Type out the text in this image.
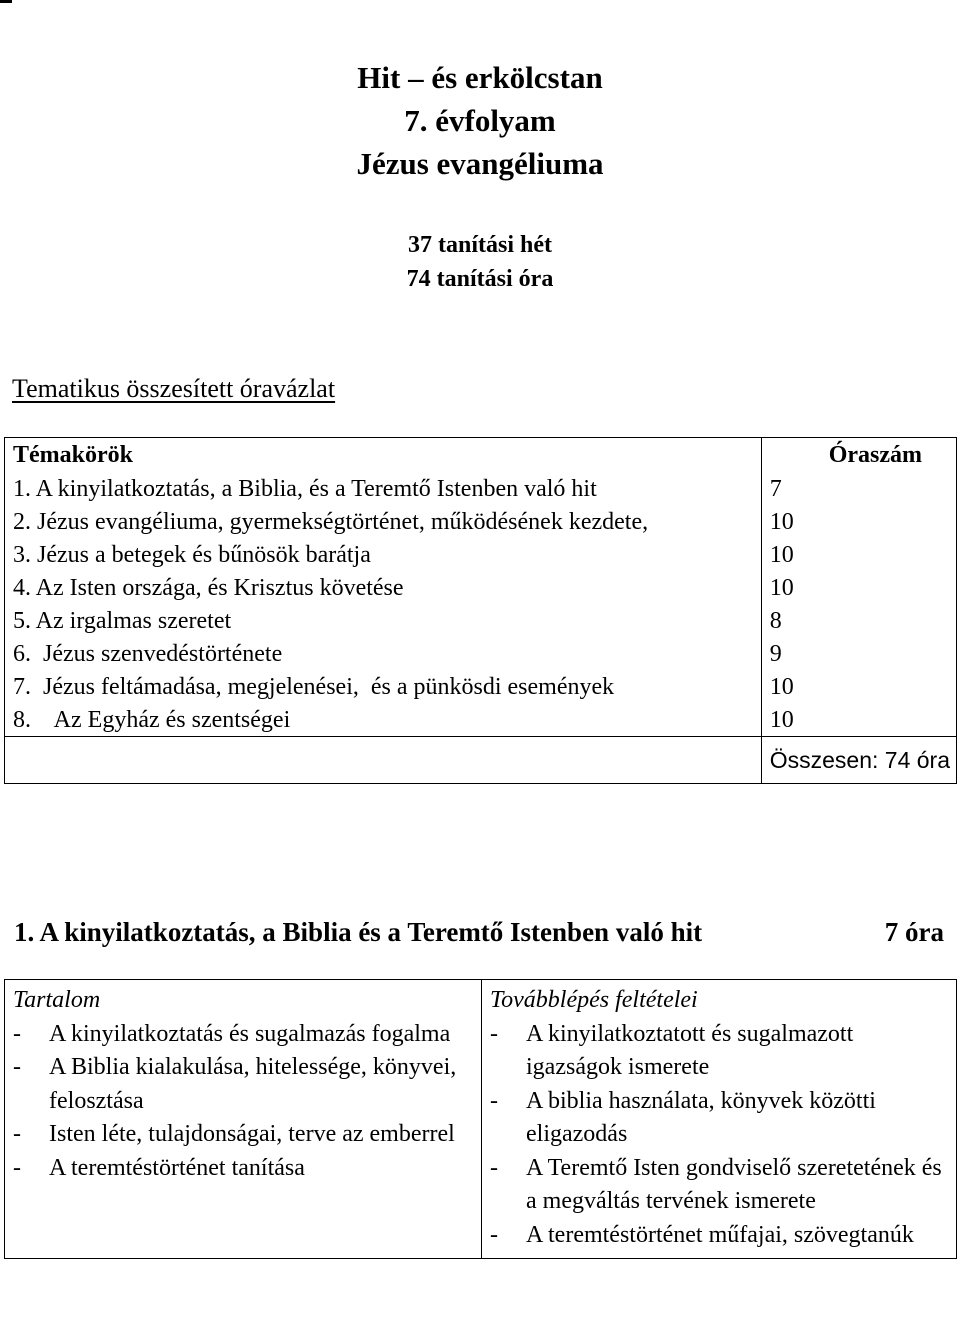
Hit – és erkölcstan
7. évfolyam
Jézus evangéliuma
37 tanítási hét
74 tanítási óra
Tematikus összesített óravázlat
Témakörök	Óraszám
1. A kinyilatkoztatás, a Biblia, és a Teremtő Istenben való hit	7
2. Jézus evangéliuma, gyermekségtörténet, működésének kezdete,	10
3. Jézus a betegek és bűnösök barátja	10
4. Az Isten országa, és Krisztus követése	10
5. Az irgalmas szeretet	8
6.  Jézus szenvedéstörténete	9
7.  Jézus feltámadása, megjelenései,  és a pünkösdi események	10
8.    Az Egyház és szentségei	10
	Összesen: 74 óra
1. A kinyilatkoztatás, a Biblia és a Teremtő Istenben való hit	7 óra
Tartalom
-	A kinyilatkoztatás és sugalmazás fogalma
-	A Biblia kialakulása, hitelessége, könyvei, felosztása
-	Isten léte, tulajdonságai, terve az emberrel
-	A teremtéstörténet tanítása

Továbblépés feltételei
-	A kinyilatkoztatott és sugalmazott igazságok ismerete
-	A biblia használata, könyvek közötti eligazodás
-	A Teremtő Isten gondviselő szeretetének és a megváltás tervének ismerete
-	A teremtéstörténet műfajai, szövegtanúk
